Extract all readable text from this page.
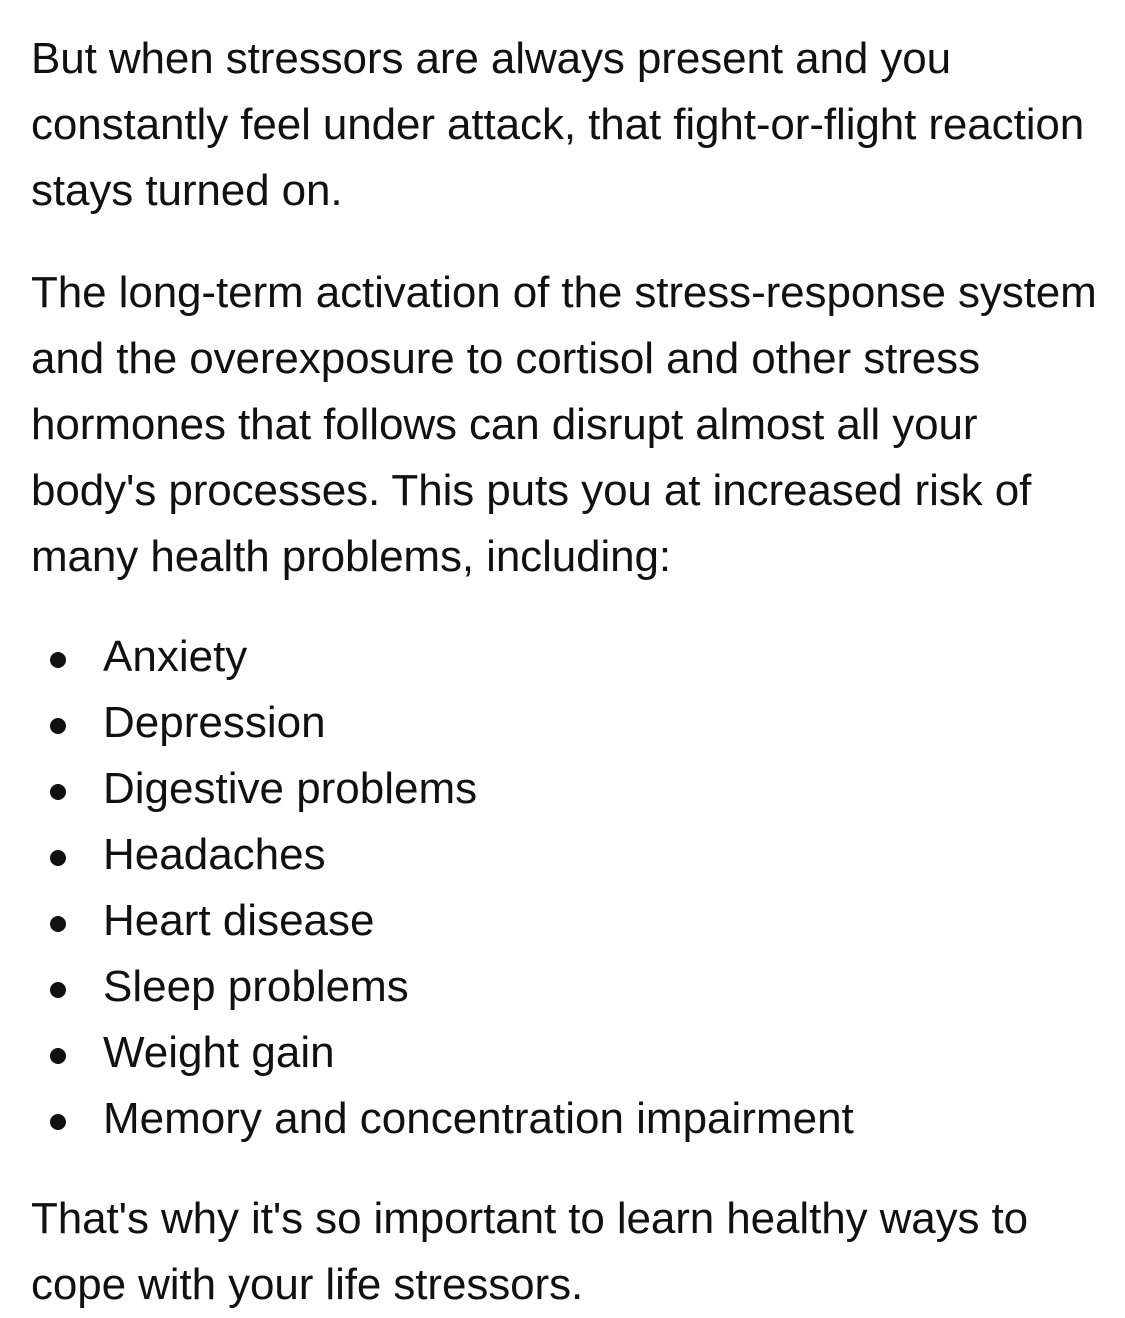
But when stressors are always present and you constantly feel under attack, that fight-or-flight reaction stays turned on.

The long-term activation of the stress-response system and the overexposure to cortisol and other stress hormones that follows can disrupt almost all your body's processes. This puts you at increased risk of many health problems, including:

Anxiety
Depression
Digestive problems
Headaches
Heart disease
Sleep problems
Weight gain
Memory and concentration impairment

That's why it's so important to learn healthy ways to cope with your life stressors.
